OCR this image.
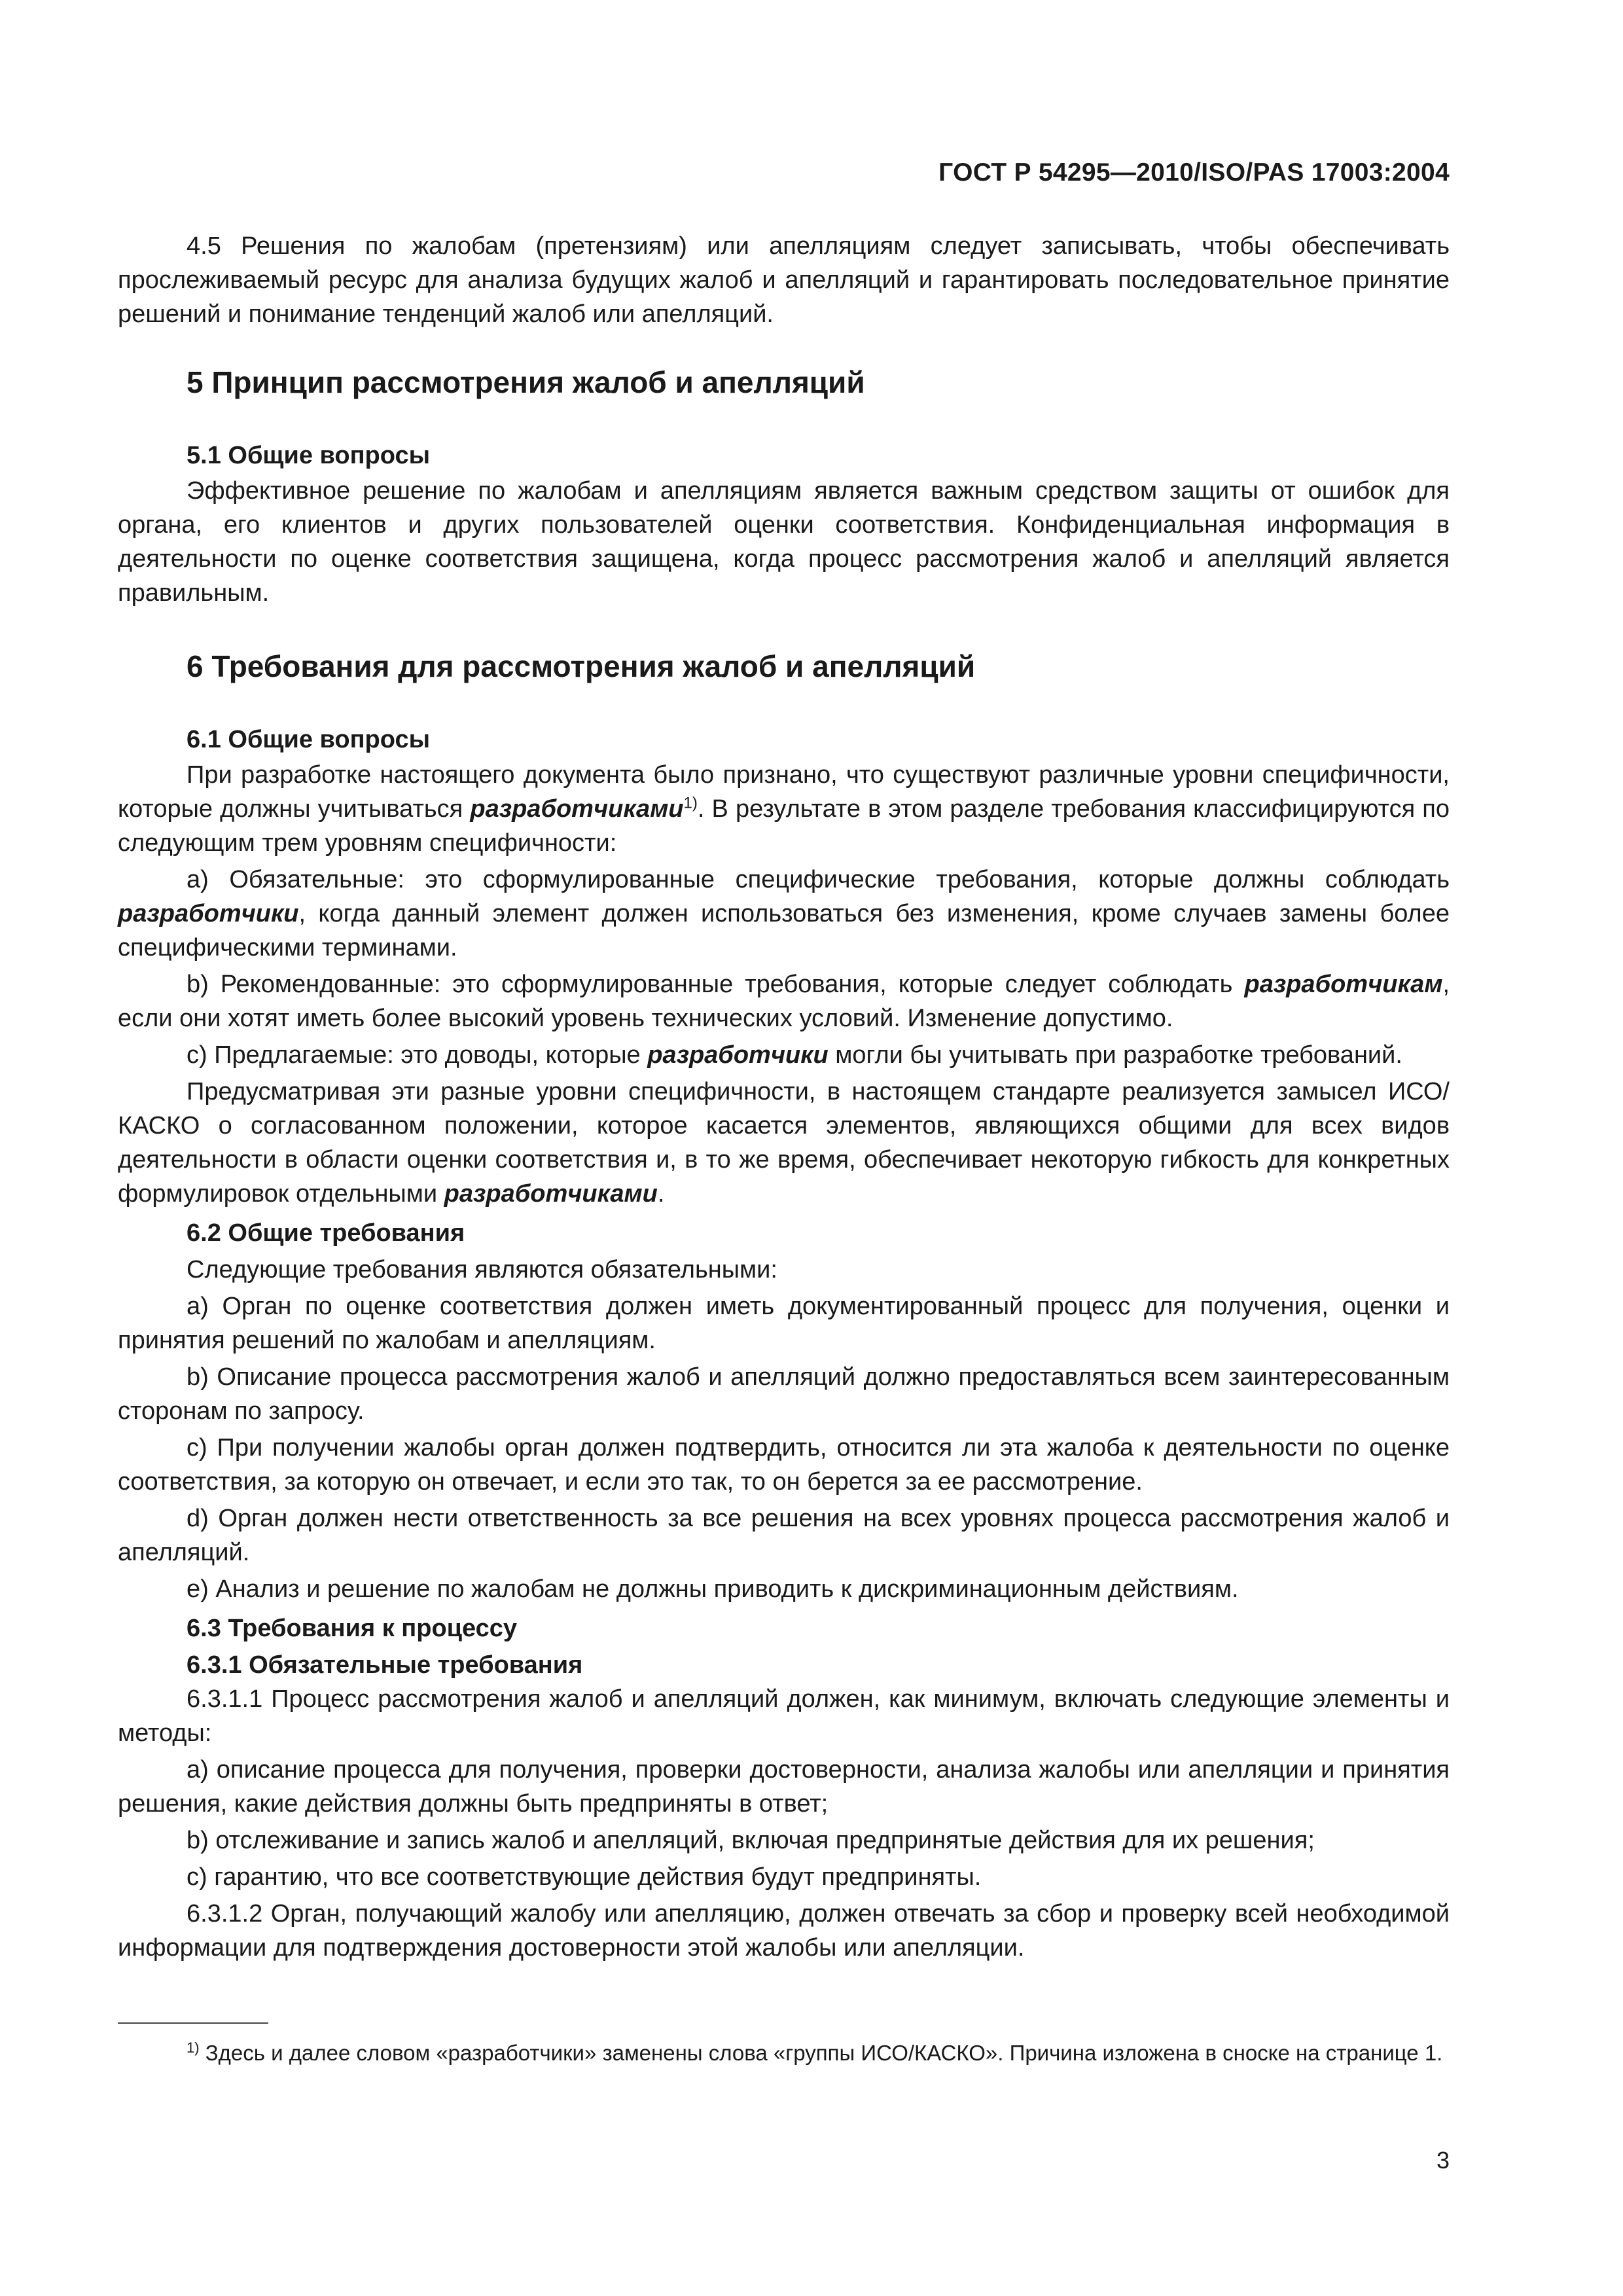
ГОСТ Р 54295—2010/ISO/PAS 17003:2004

4.5 Решения по жалобам (претензиям) или апелляциям следует записывать, чтобы обеспечивать прослеживаемый ресурс для анализа будущих жалоб и апелляций и гарантировать последовательное принятие решений и понимание тенденций жалоб или апелляций.

5 Принцип рассмотрения жалоб и апелляций
5.1 Общие вопросы

Эффективное решение по жалобам и апелляциям является важным средством защиты от ошибок для органа, его клиентов и других пользователей оценки соответствия. Конфиденциальная информация в деятельности по оценке соответствия защищена, когда процесс рассмотрения жалоб и апелляций является правильным.

6 Требования для рассмотрения жалоб и апелляций
6.1 Общие вопросы

При разработке настоящего документа было признано, что существуют различные уровни специфичности, которые должны учитываться разработчиками$^{1)}$. В результате в этом разделе требования классифицируются по следующим трем уровням специфичности:

a) Обязательные: это сформулированные специфические требования, которые должны соблюдать разработчики, когда данный элемент должен использоваться без изменения, кроме случаев замены более специфическими терминами.

b) Рекомендованные: это сформулированные требования, которые следует соблюдать разработчикам, если они хотят иметь более высокий уровень технических условий. Изменение допустимо.

c) Предлагаемые: это доводы, которые разработчики могли бы учитывать при разработке требований.

Предусматривая эти разные уровни специфичности, в настоящем стандарте реализуется замысел ИСО/КАСКО о согласованном положении, которое касается элементов, являющихся общими для всех видов деятельности в области оценки соответствия и, в то же время, обеспечивает некоторую гибкость для конкретных формулировок отдельными разработчиками.

6.2 Общие требования

Следующие требования являются обязательными:

a) Орган по оценке соответствия должен иметь документированный процесс для получения, оценки и принятия решений по жалобам и апелляциям.

b) Описание процесса рассмотрения жалоб и апелляций должно предоставляться всем заинтересованным сторонам по запросу.

c) При получении жалобы орган должен подтвердить, относится ли эта жалоба к деятельности по оценке соответствия, за которую он отвечает, и если это так, то он берется за ее рассмотрение.

d) Орган должен нести ответственность за все решения на всех уровнях процесса рассмотрения жалоб и апелляций.

e) Анализ и решение по жалобам не должны приводить к дискриминационным действиям.

6.3 Требования к процессу
6.3.1 Обязательные требования

6.3.1.1 Процесс рассмотрения жалоб и апелляций должен, как минимум, включать следующие элементы и методы:

a) описание процесса для получения, проверки достоверности, анализа жалобы или апелляции и принятия решения, какие действия должны быть предприняты в ответ;

b) отслеживание и запись жалоб и апелляций, включая предпринятые действия для их решения;

c) гарантию, что все соответствующие действия будут предприняты.

6.3.1.2 Орган, получающий жалобу или апелляцию, должен отвечать за сбор и проверку всей необходимой информации для подтверждения достоверности этой жалобы или апелляции.

$^{1)}$ Здесь и далее словом «разработчики» заменены слова «группы ИСО/КАСКО». Причина изложена в сноске на странице 1.

3
